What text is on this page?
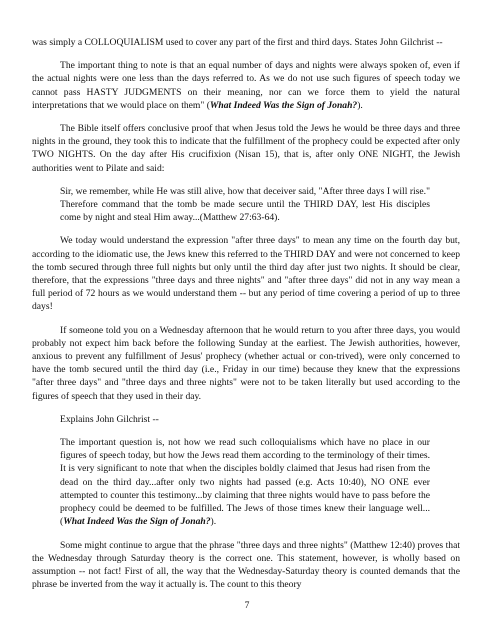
was simply a COLLOQUIALISM used to cover any part of the first and third days. States John Gilchrist --

The important thing to note is that an equal number of days and nights were always spoken of, even if the actual nights were one less than the days referred to. As we do not use such figures of speech today we cannot pass HASTY JUDGMENTS on their meaning, nor can we force them to yield the natural interpretations that we would place on them" (What Indeed Was the Sign of Jonah?).

The Bible itself offers conclusive proof that when Jesus told the Jews he would be three days and three nights in the ground, they took this to indicate that the fulfillment of the prophecy could be expected after only TWO NIGHTS. On the day after His crucifixion (Nisan 15), that is, after only ONE NIGHT, the Jewish authorities went to Pilate and said:

Sir, we remember, while He was still alive, how that deceiver said, "After three days I will rise." Therefore command that the tomb be made secure until the THIRD DAY, lest His disciples come by night and steal Him away...(Matthew 27:63-64).

We today would understand the expression "after three days" to mean any time on the fourth day but, according to the idiomatic use, the Jews knew this referred to the THIRD DAY and were not concerned to keep the tomb secured through three full nights but only until the third day after just two nights. It should be clear, therefore, that the expressions "three days and three nights" and "after three days" did not in any way mean a full period of 72 hours as we would understand them -- but any period of time covering a period of up to three days!

If someone told you on a Wednesday afternoon that he would return to you after three days, you would probably not expect him back before the following Sunday at the earliest. The Jewish authorities, however, anxious to prevent any fulfillment of Jesus' prophecy (whether actual or con-trived), were only concerned to have the tomb secured until the third day (i.e., Friday in our time) because they knew that the expressions "after three days" and "three days and three nights" were not to be taken literally but used according to the figures of speech that they used in their day.

Explains John Gilchrist --

The important question is, not how we read such colloquialisms which have no place in our figures of speech today, but how the Jews read them according to the terminology of their times. It is very significant to note that when the disciples boldly claimed that Jesus had risen from the dead on the third day...after only two nights had passed (e.g. Acts 10:40), NO ONE ever attempted to counter this testimony...by claiming that three nights would have to pass before the prophecy could be deemed to be fulfilled. The Jews of those times knew their language well...(What Indeed Was the Sign of Jonah?).

Some might continue to argue that the phrase "three days and three nights" (Matthew 12:40) proves that the Wednesday through Saturday theory is the correct one. This statement, however, is wholly based on assumption -- not fact! First of all, the way that the Wednesday-Saturday theory is counted demands that the phrase be inverted from the way it actually is. The count to this theory

7
